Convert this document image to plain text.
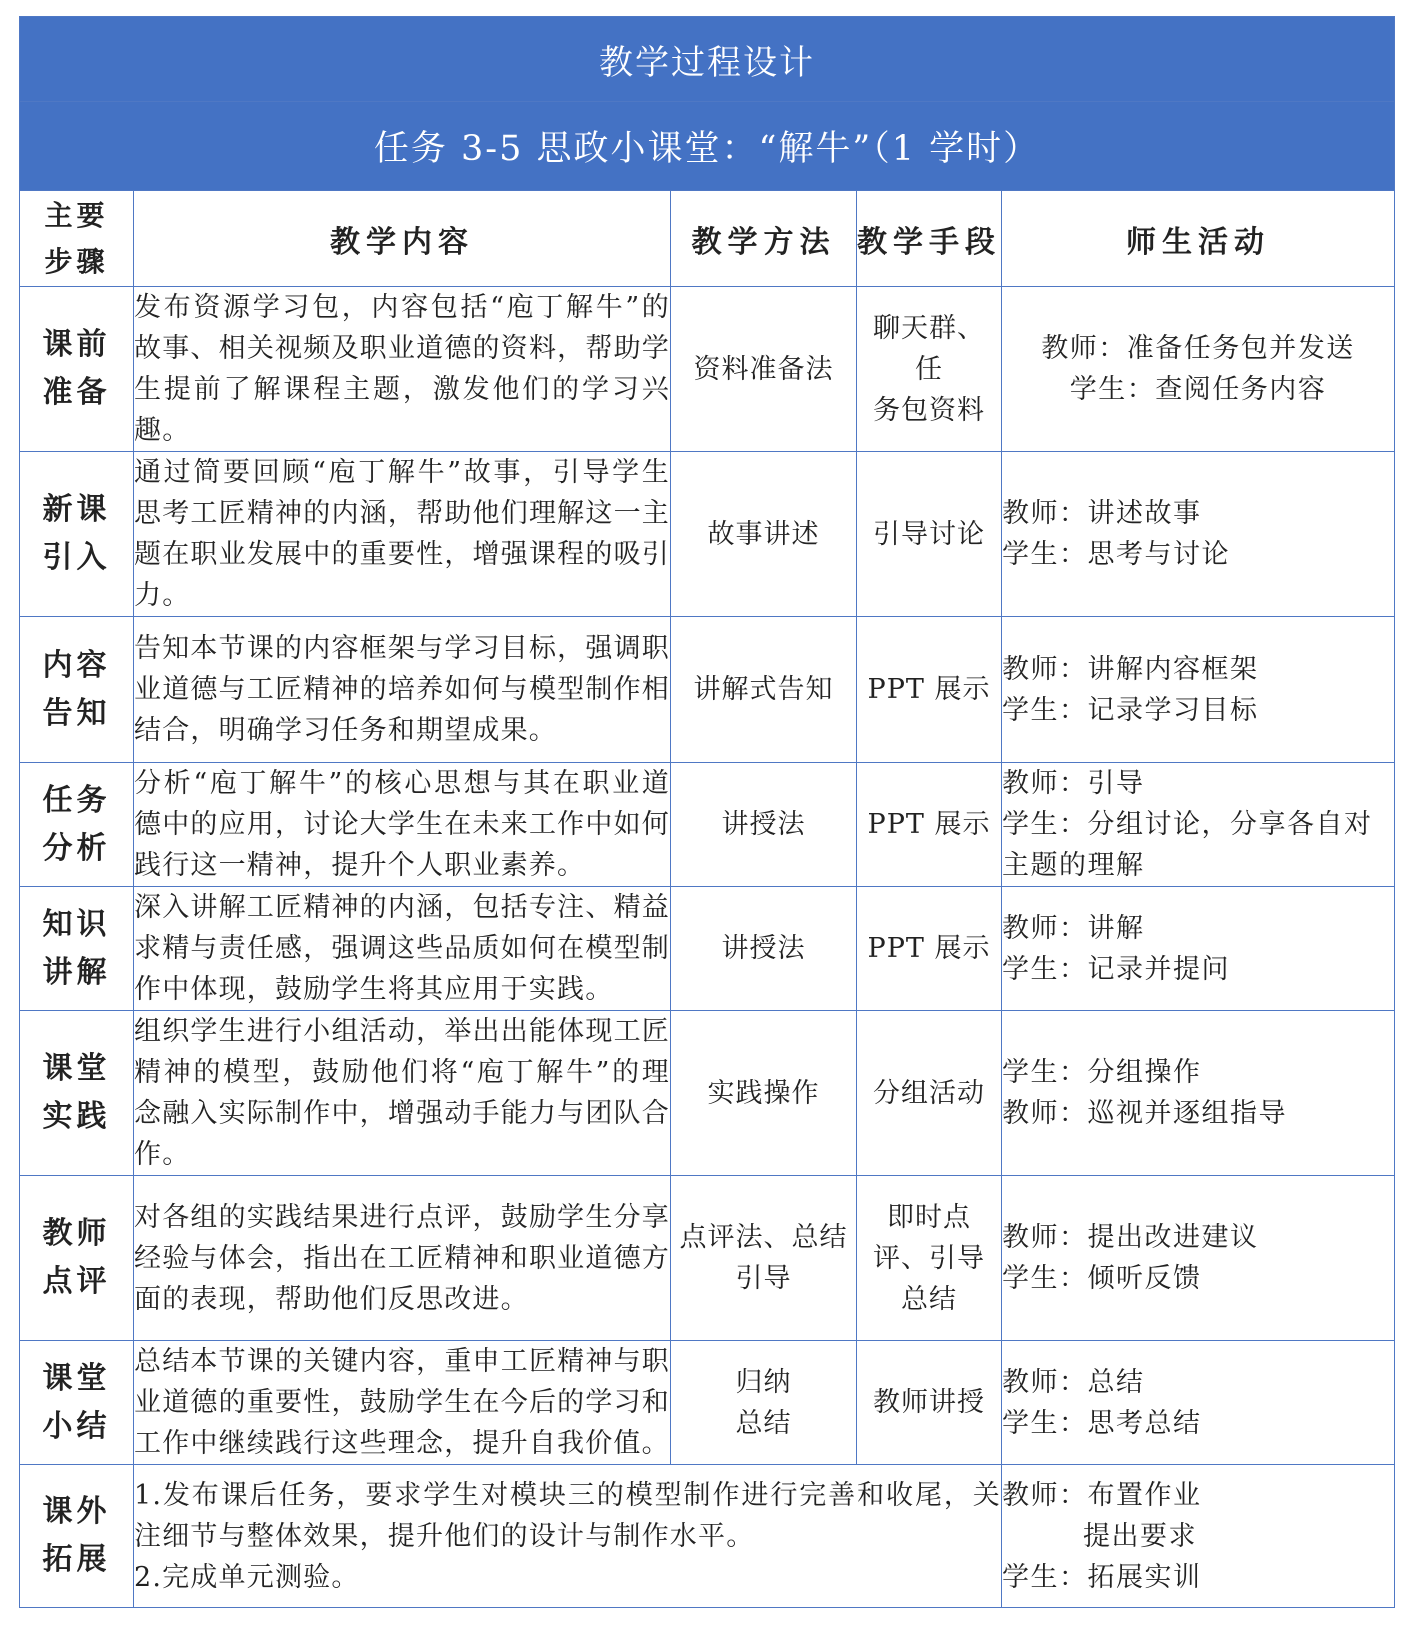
教学过程设计				
任务 3-5 思政小课堂：“解牛”（1 学时）				

主要
步骤	教学内容	教学方法	教学手段	师生活动

课前
准备	发布资源学习包，内容包括“庖丁解牛”的故事、相关视频及职业道德的资料，帮助学生提前了解课程主题，激发他们的学习兴趣。	资料准备法	聊天群、任
务包资料	教师：准备任务包并发送
学生：查阅任务内容

新课
引入	通过简要回顾“庖丁解牛”故事，引导学生思考工匠精神的内涵，帮助他们理解这一主题在职业发展中的重要性，增强课程的吸引力。	故事讲述	引导讨论	教师：讲述故事
学生：思考与讨论

内容
告知	告知本节课的内容框架与学习目标，强调职业道德与工匠精神的培养如何与模型制作相结合，明确学习任务和期望成果。	讲解式告知	PPT 展示	教师：讲解内容框架
学生：记录学习目标

任务
分析	分析“庖丁解牛”的核心思想与其在职业道德中的应用，讨论大学生在未来工作中如何践行这一精神，提升个人职业素养。	讲授法	PPT 展示	教师：引导
学生：分组讨论，分享各自对主题的理解

知识
讲解	深入讲解工匠精神的内涵，包括专注、精益求精与责任感，强调这些品质如何在模型制作中体现，鼓励学生将其应用于实践。	讲授法	PPT 展示	教师：讲解
学生：记录并提问

课堂
实践	组织学生进行小组活动，举出出能体现工匠精神的模型，鼓励他们将“庖丁解牛”的理念融入实际制作中，增强动手能力与团队合作。	实践操作	分组活动	学生：分组操作
教师：巡视并逐组指导

教师
点评	对各组的实践结果进行点评，鼓励学生分享经验与体会，指出在工匠精神和职业道德方面的表现，帮助他们反思改进。	点评法、总结
引导	即时点
评、引导
总结	教师：提出改进建议
学生：倾听反馈

课堂
小结	总结本节课的关键内容，重申工匠精神与职业道德的重要性，鼓励学生在今后的学习和工作中继续践行这些理念，提升自我价值。	归纳
总结	教师讲授	教师：总结
学生：思考总结

课外
拓展	1.发布课后任务，要求学生对模块三的模型制作进行完善和收尾，关注细节与整体效果，提升他们的设计与制作水平。
2.完成单元测验。			教师：布置作业
提出要求
学生：拓展实训
